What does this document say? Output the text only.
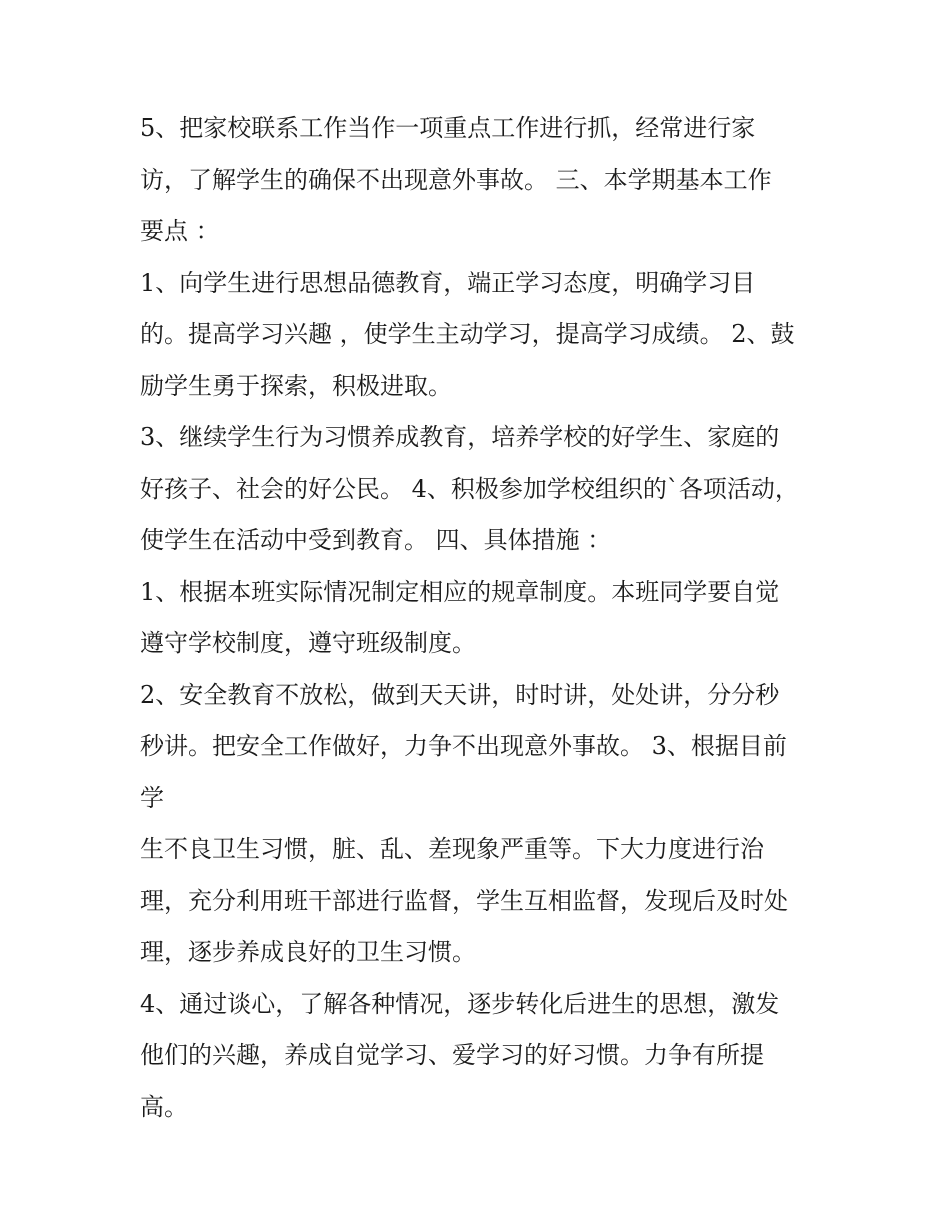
5、把家校联系工作当作一项重点工作进行抓，经常进行家
访，了解学生的确保不出现意外事故。 三、本学期基本工作
要点 ：
1、向学生进行思想品德教育，端正学习态度，明确学习目
的。提高学习兴趣 ，使学生主动学习，提高学习成绩。 2、鼓
励学生勇于探索，积极进取。
3、继续学生行为习惯养成教育，培养学校的好学生、家庭的
好孩子、社会的好公民。 4、积极参加学校组织的`各项活动，
使学生在活动中受到教育。 四、具体措施 ：
1、根据本班实际情况制定相应的规章制度。本班同学要自觉
遵守学校制度，遵守班级制度。
2、安全教育不放松，做到天天讲，时时讲，处处讲，分分秒
秒讲。把安全工作做好，力争不出现意外事故。 3、根据目前
学
生不良卫生习惯，脏、乱、差现象严重等。下大力度进行治
理，充分利用班干部进行监督，学生互相监督，发现后及时处
理，逐步养成良好的卫生习惯。
4、通过谈心，了解各种情况，逐步转化后进生的思想，激发
他们的兴趣，养成自觉学习、爱学习的好习惯。力争有所提
高。
